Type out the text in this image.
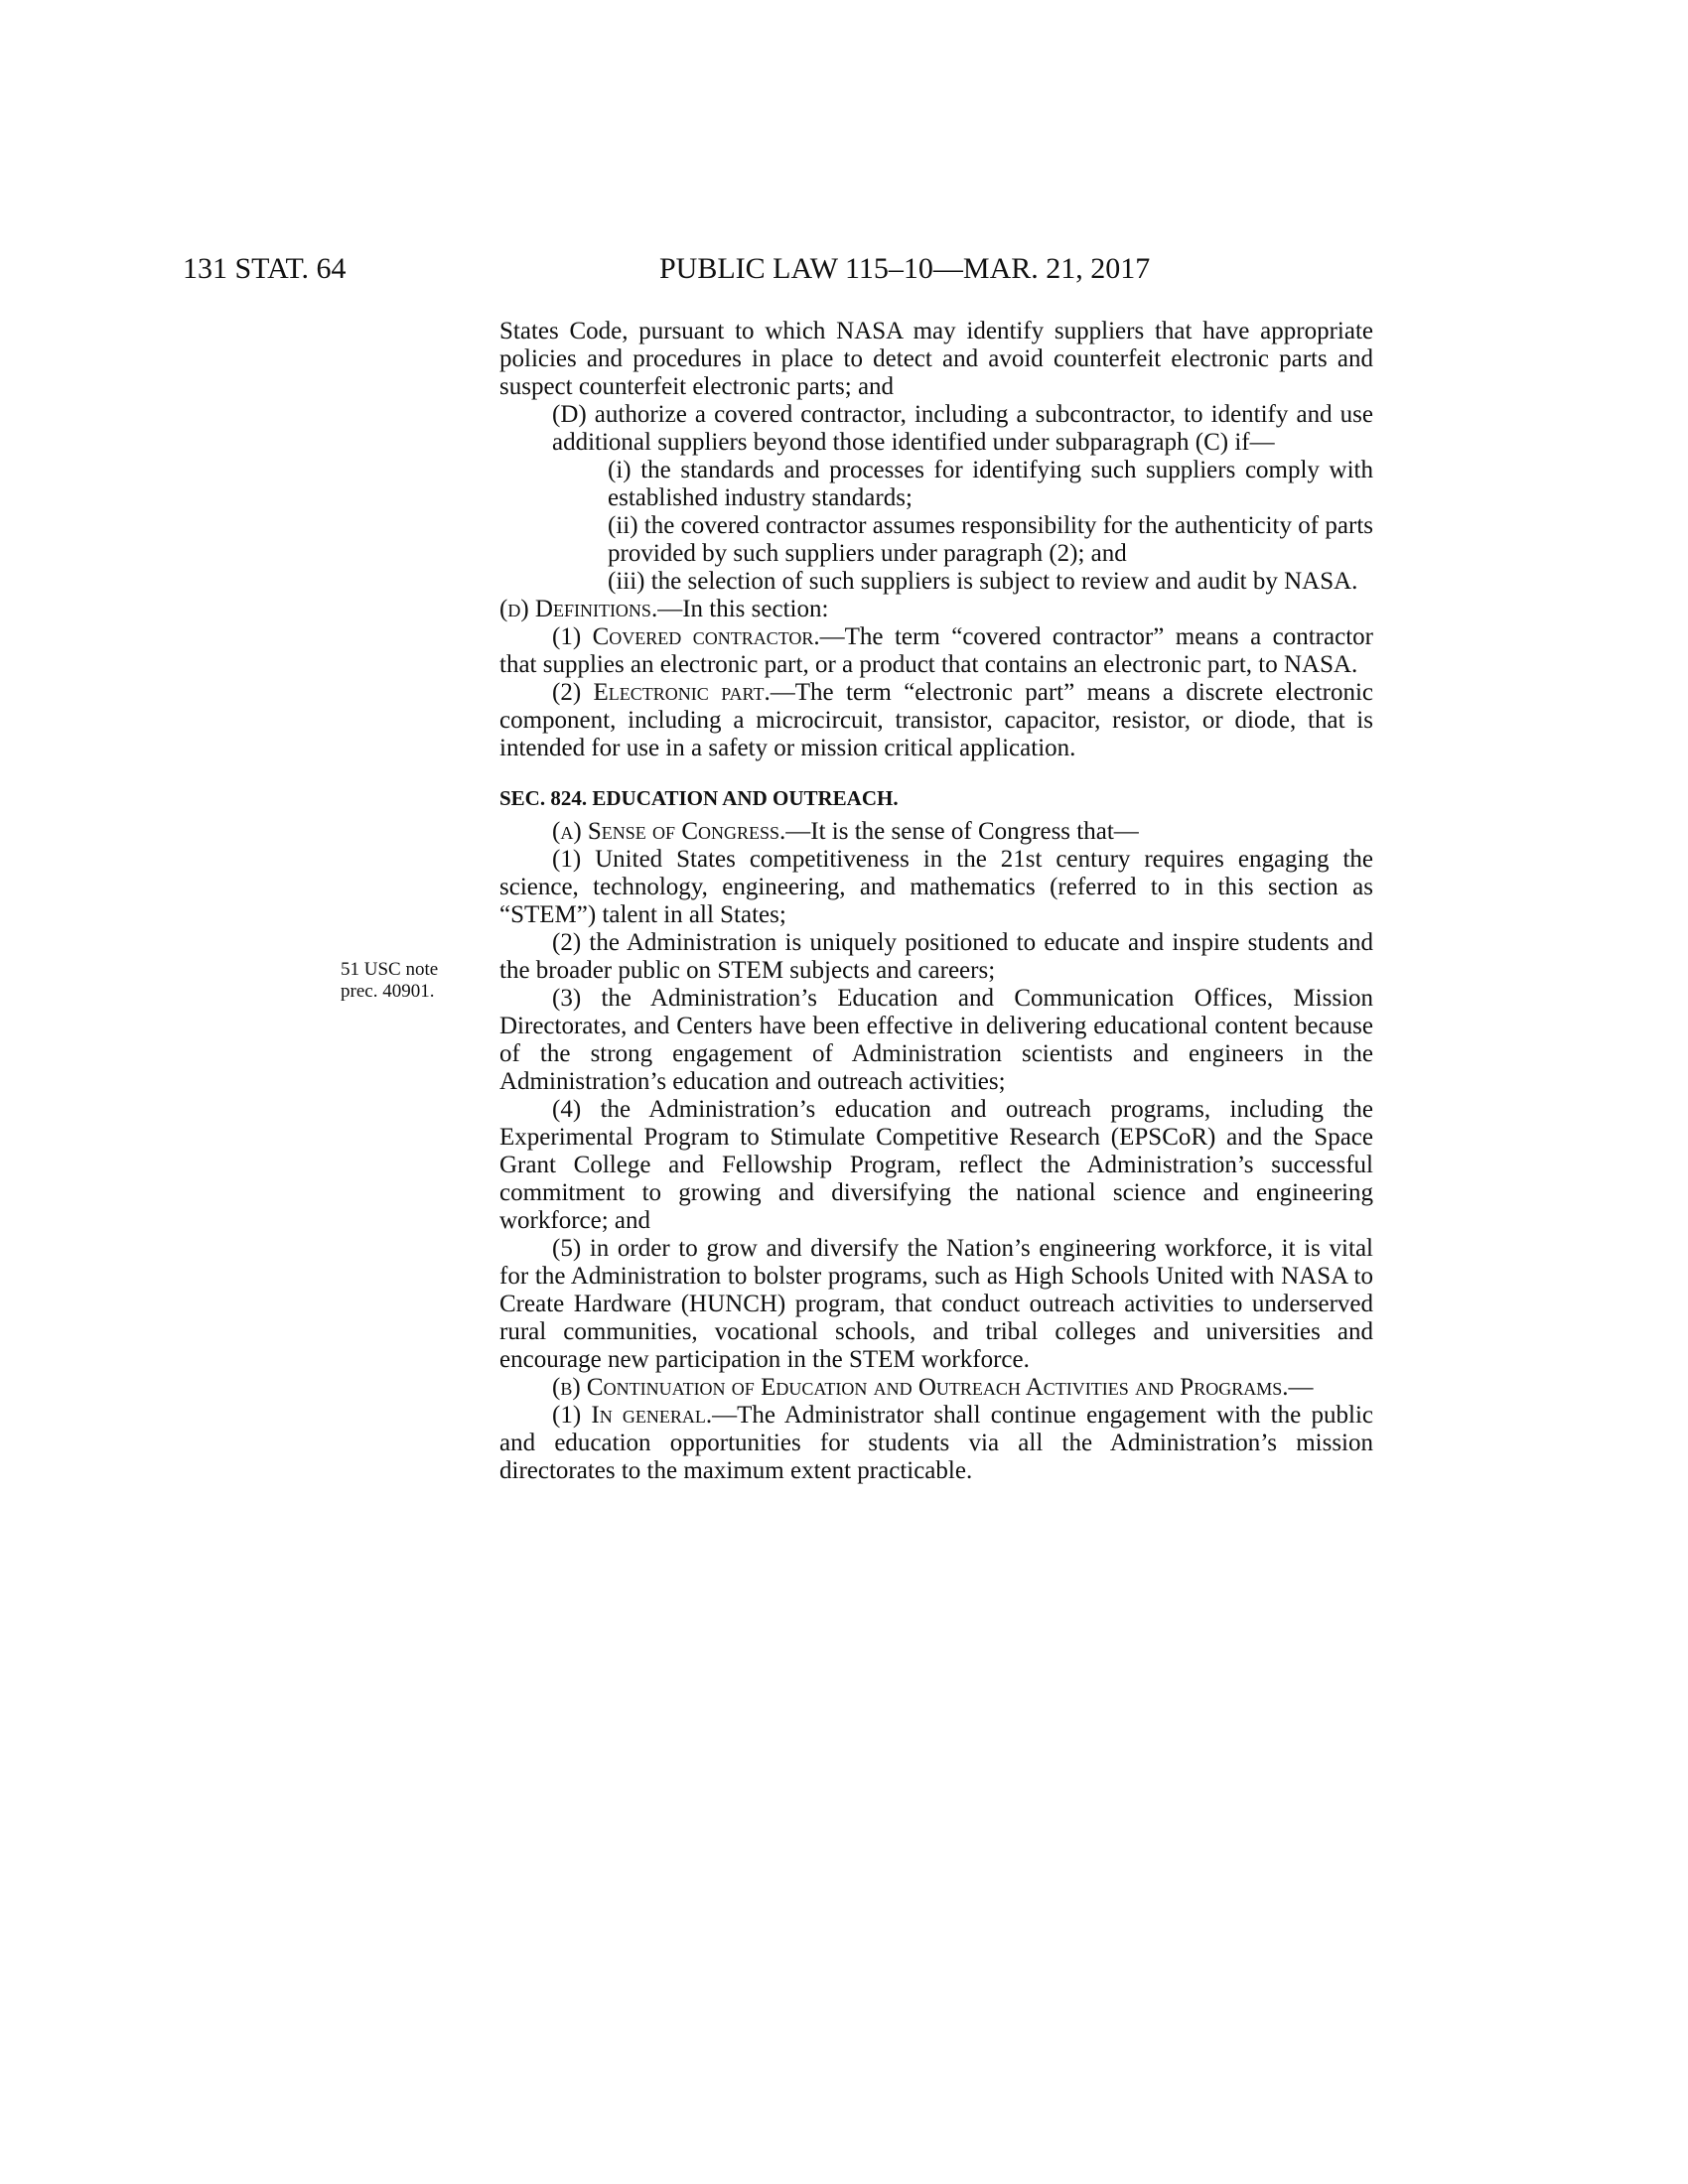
131 STAT. 64	PUBLIC LAW 115–10—MAR. 21, 2017
51 USC note
prec. 40901.

States Code, pursuant to which NASA may identify suppliers that have appropriate policies and procedures in place to detect and avoid counterfeit electronic parts and suspect counterfeit electronic parts; and

(D) authorize a covered contractor, including a subcontractor, to identify and use additional suppliers beyond those identified under subparagraph (C) if—

(i) the standards and processes for identifying such suppliers comply with established industry standards;

(ii) the covered contractor assumes responsibility for the authenticity of parts provided by such suppliers under paragraph (2); and

(iii) the selection of such suppliers is subject to review and audit by NASA.

(d) Definitions.—In this section:

(1) Covered contractor.—The term “covered contractor” means a contractor that supplies an electronic part, or a product that contains an electronic part, to NASA.

(2) Electronic part.—The term “electronic part” means a discrete electronic component, including a microcircuit, transistor, capacitor, resistor, or diode, that is intended for use in a safety or mission critical application.

SEC. 824. EDUCATION AND OUTREACH.

(a) Sense of Congress.—It is the sense of Congress that—

(1) United States competitiveness in the 21st century requires engaging the science, technology, engineering, and mathematics (referred to in this section as “STEM”) talent in all States;

(2) the Administration is uniquely positioned to educate and inspire students and the broader public on STEM subjects and careers;

(3) the Administration’s Education and Communication Offices, Mission Directorates, and Centers have been effective in delivering educational content because of the strong engagement of Administration scientists and engineers in the Administration’s education and outreach activities;

(4) the Administration’s education and outreach programs, including the Experimental Program to Stimulate Competitive Research (EPSCoR) and the Space Grant College and Fellowship Program, reflect the Administration’s successful commitment to growing and diversifying the national science and engineering workforce; and

(5) in order to grow and diversify the Nation’s engineering workforce, it is vital for the Administration to bolster programs, such as High Schools United with NASA to Create Hardware (HUNCH) program, that conduct outreach activities to underserved rural communities, vocational schools, and tribal colleges and universities and encourage new participation in the STEM workforce.

(b) Continuation of Education and Outreach Activities and Programs.—

(1) In general.—The Administrator shall continue engagement with the public and education opportunities for students via all the Administration’s mission directorates to the maximum extent practicable.
